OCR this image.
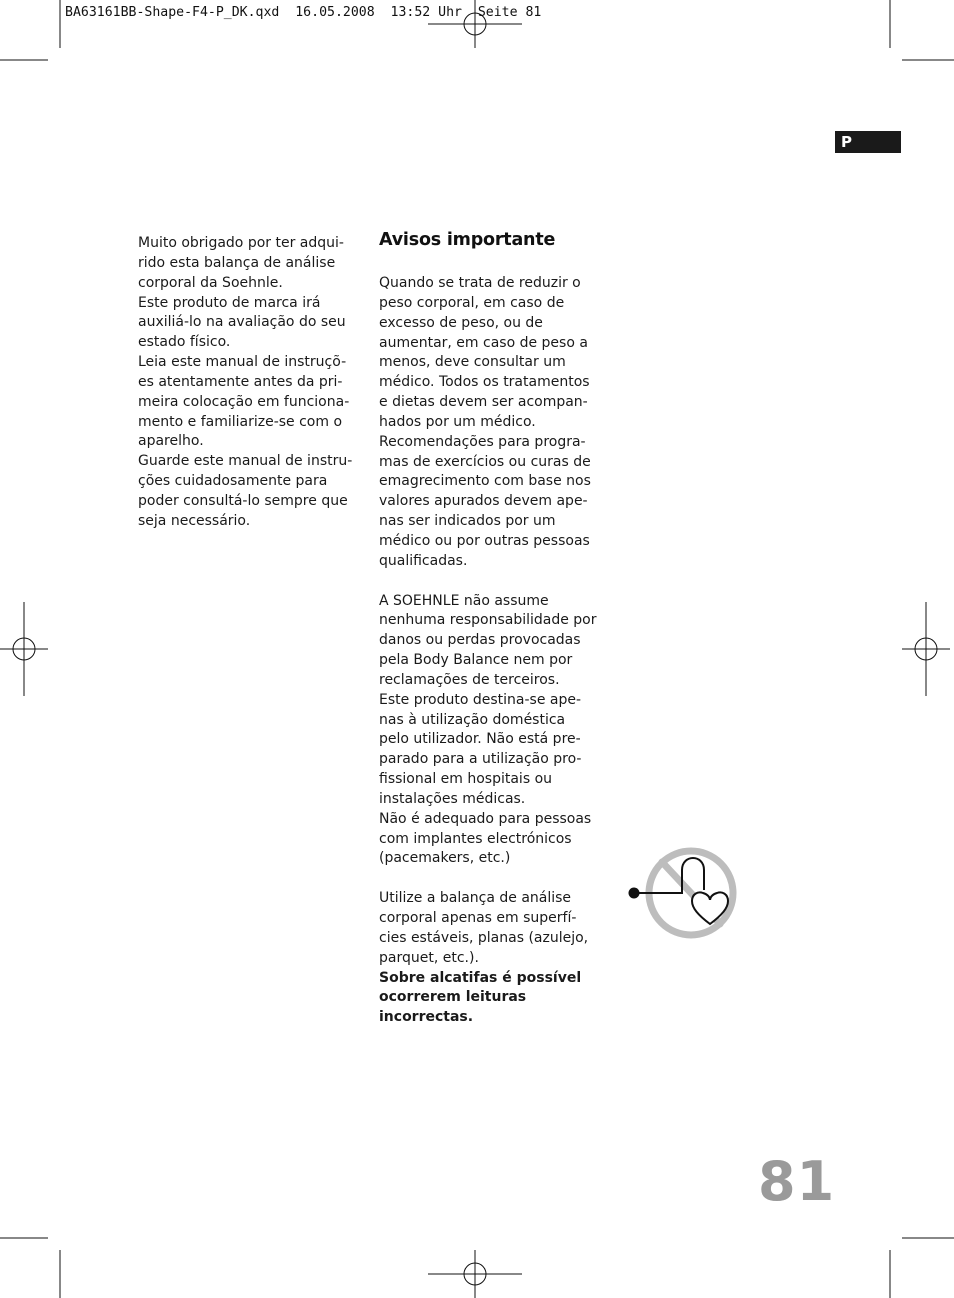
BA63161BB-Shape-F4-P_DK.qxd  16.05.2008  13:52 Uhr  Seite 81
P

Muito obrigado por ter adqui-
rido esta balança de análise
corporal da Soehnle.
Este produto de marca irá
auxiliá-lo na avaliação do seu
estado físico.
Leia este manual de instruçõ-
es atentamente antes da pri-
meira colocação em funciona-
mento e familiarize-se com o
aparelho.
Guarde este manual de instru-
ções cuidadosamente para
poder consultá-lo sempre que
seja necessário.

Avisos importante

Quando se trata de reduzir o
peso corporal, em caso de
excesso de peso, ou de
aumentar, em caso de peso a
menos, deve consultar um
médico. Todos os tratamentos
e dietas devem ser acompan-
hados por um médico.
Recomendações para progra-
mas de exercícios ou curas de
emagrecimento com base nos
valores apurados devem ape-
nas ser indicados por um
médico ou por outras pessoas
qualificadas.

A SOEHNLE não assume
nenhuma responsabilidade por
danos ou perdas provocadas
pela Body Balance nem por
reclamações de terceiros.
Este produto destina-se ape-
nas à utilização doméstica
pelo utilizador. Não está pre-
parado para a utilização pro-
fissional em hospitais ou
instalações médicas.
Não é adequado para pessoas
com implantes electrónicos
(pacemakers, etc.)

Utilize a balança de análise
corporal apenas em superfí-
cies estáveis, planas (azulejo,
parquet, etc.).

Sobre alcatifas é possível
ocorrerem leituras incorrectas.

81
